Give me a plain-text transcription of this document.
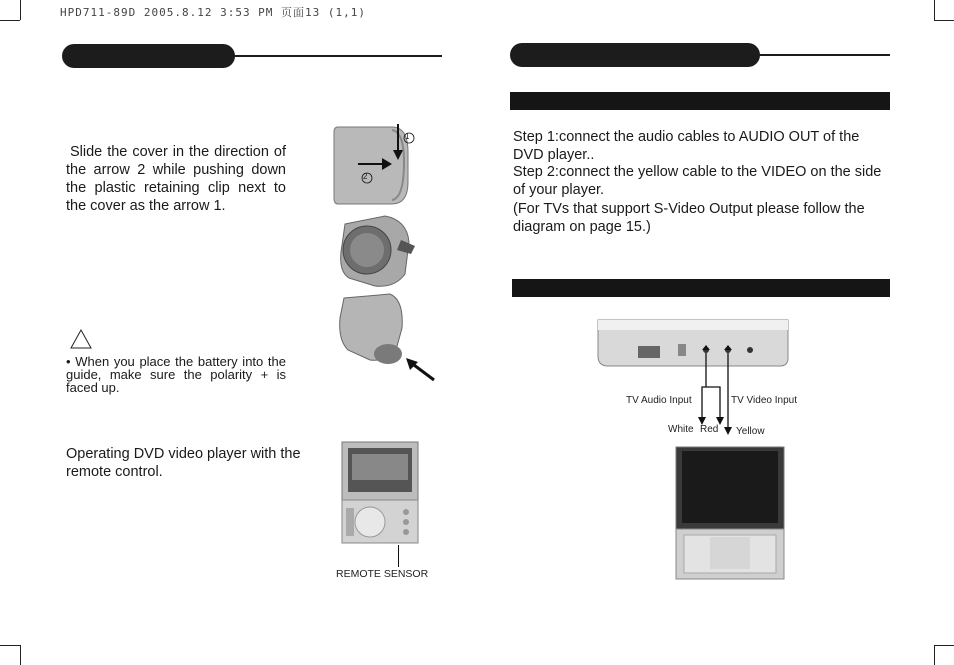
HPD711-89D 2005.8.12 3:53 PM 页面13 (1,1)
Slide the cover in the direction of the arrow 2 while pushing down the plastic retaining clip next to the cover as the arrow 1.
1
2
• When you place the battery into the guide, make sure the polarity + is faced up.
Operating DVD video player with the remote control.
REMOTE SENSOR
Step 1:connect the audio cables to AUDIO OUT of the DVD player..
Step 2:connect the yellow cable to the VIDEO on the side of your player.
(For TVs that support S-Video Output please follow the diagram on page 15.)
TV Audio Input	TV Video Input
White Red Yellow
